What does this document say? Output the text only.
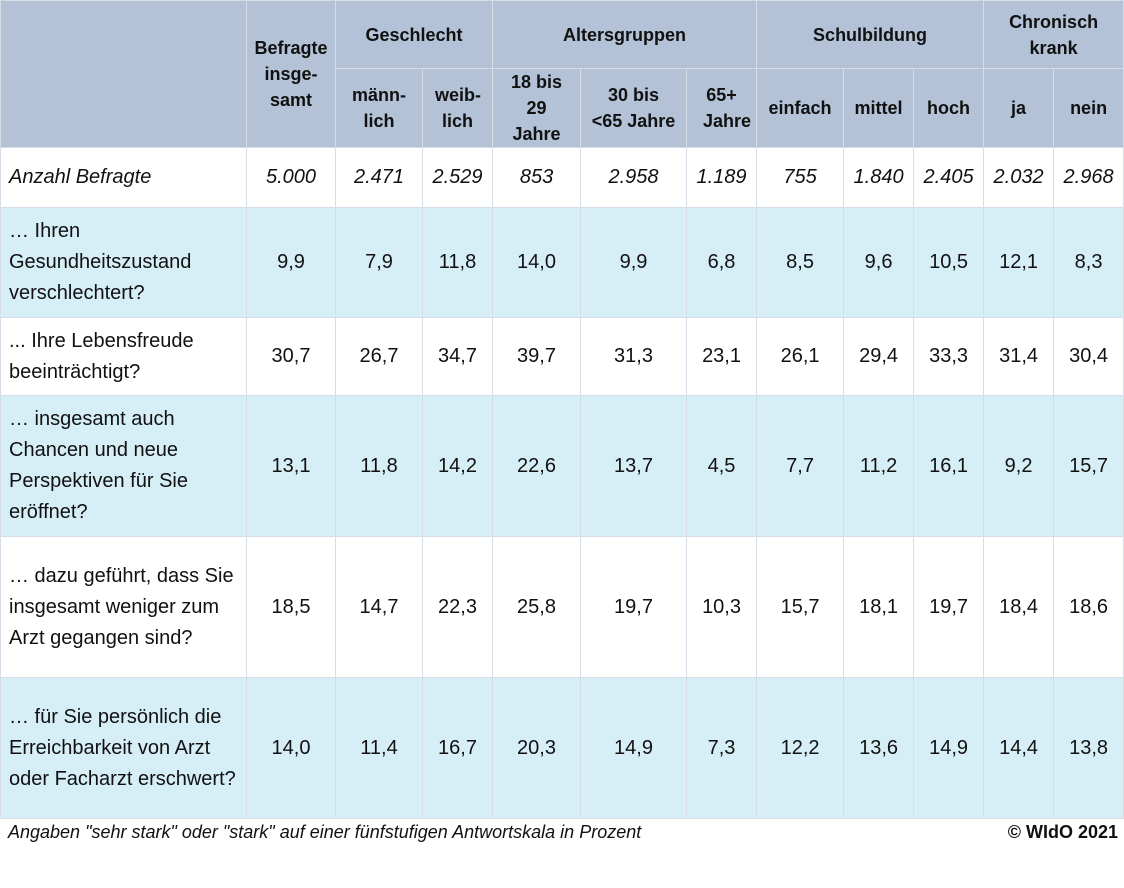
	Befragte insge-samt	Geschlecht		Altersgruppen			Schulbildung			Chronisch krank	
		männ-lich	weib-lich	18 bis 29 Jahre	30 bis <65 Jahre	65+ Jahre	einfach	mittel	hoch	ja	nein
Anzahl Befragte	5.000	2.471	2.529	853	2.958	1.189	755	1.840	2.405	2.032	2.968
… Ihren Gesundheitszustand verschlechtert?	9,9	7,9	11,8	14,0	9,9	6,8	8,5	9,6	10,5	12,1	8,3
... Ihre Lebensfreude beeinträchtigt?	30,7	26,7	34,7	39,7	31,3	23,1	26,1	29,4	33,3	31,4	30,4
… insgesamt auch Chancen und neue Perspektiven für Sie eröffnet?	13,1	11,8	14,2	22,6	13,7	4,5	7,7	11,2	16,1	9,2	15,7
… dazu geführt, dass Sie insgesamt weniger zum Arzt gegangen sind?	18,5	14,7	22,3	25,8	19,7	10,3	15,7	18,1	19,7	18,4	18,6
… für Sie persönlich die Erreichbarkeit von Arzt oder Facharzt erschwert?	14,0	11,4	16,7	20,3	14,9	7,3	12,2	13,6	14,9	14,4	13,8
Angaben "sehr stark" oder "stark" auf einer fünfstufigen Antwortskala in Prozent	© WIdO 2021
